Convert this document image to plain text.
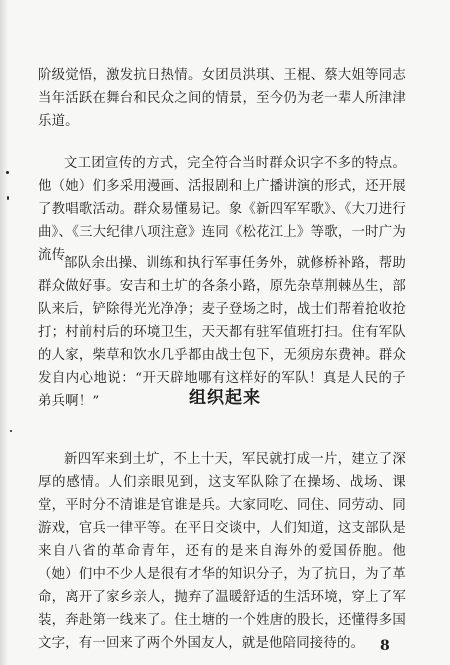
阶级觉悟，激发抗日热情。女团员洪琪、王棍、蔡大姐等同志当年活跃在舞台和民众之间的情景，至今仍为老一辈人所津津乐道。

文工团宣传的方式，完全符合当时群众识字不多的特点。他（她）们多采用漫画、活报剧和上广播讲演的形式，还开展了教唱歌活动。群众易懂易记。象《新四军军歌》、《大刀进行曲》、《三大纪律八项注意》连同《松花江上》等歌，一时广为流传。

部队余出操、训练和执行军事任务外，就修桥补路，帮助群众做好事。安吉和土圹的各条小路，原先杂草荆棘丛生，部队来后，铲除得光光净净；麦子登场之时，战士们帮着抢收抢打；村前村后的环境卫生，天天都有驻军值班打扫。住有军队的人家，柴草和饮水几乎都由战士包下，无须房东费神。群众发自内心地说：“开天辟地哪有这样好的军队！真是人民的子弟兵啊！”	组织起来

新四军来到土圹，不上十天，军民就打成一片，建立了深厚的感情。人们亲眼见到，这支军队除了在操场、战场、课堂，平时分不清谁是官谁是兵。大家同吃、同住、同劳动、同游戏，官兵一律平等。在平日交谈中，人们知道，这支部队是来自八省的革命青年，还有的是来自海外的爱国侨胞。他（她）们中不少人是很有才华的知识分子，为了抗日，为了革命，离开了家乡亲人，抛弃了温暖舒适的生活环境，穿上了军装，奔赴第一线来了。住土塘的一个姓唐的股长，还懂得多国文字，有一回来了两个外国友人，就是他陪同接待的。	8
